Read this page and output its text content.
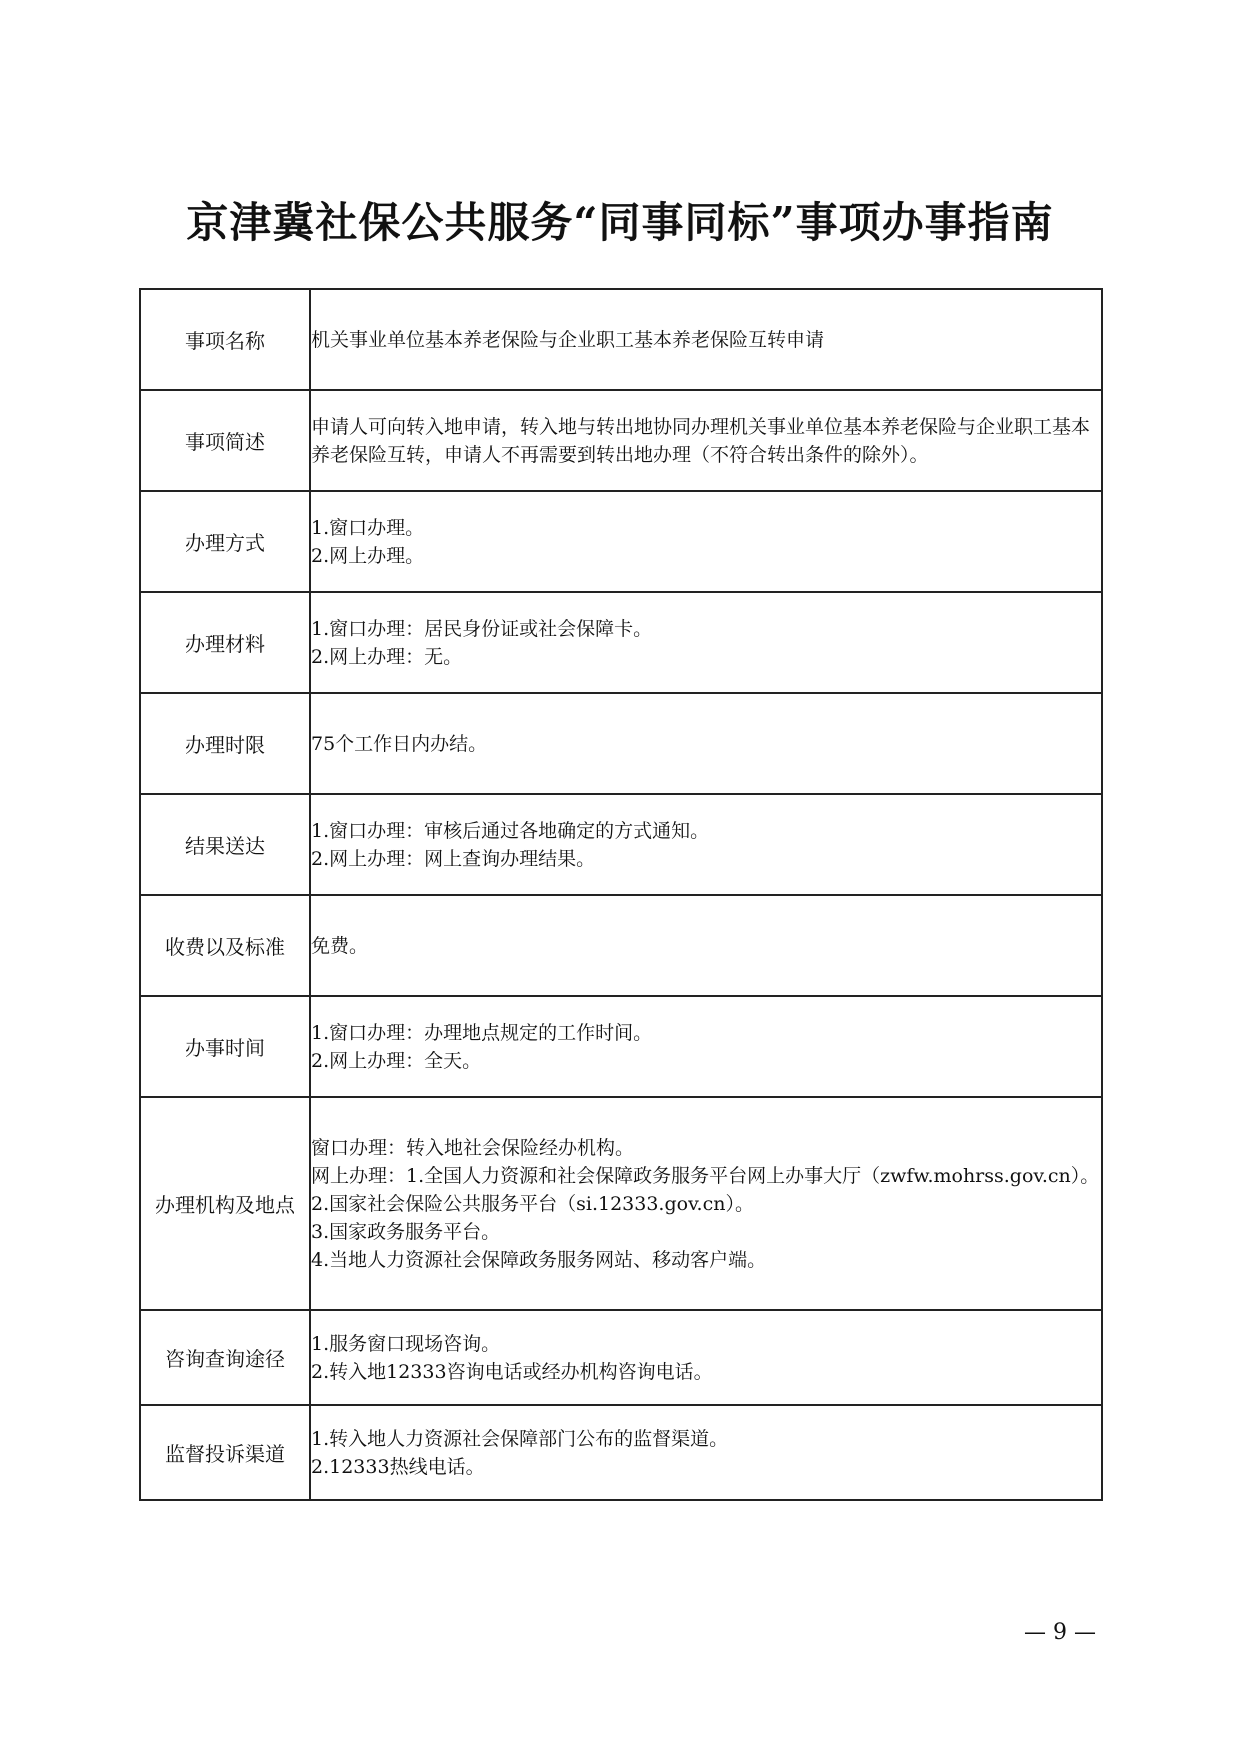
京津冀社保公共服务“同事同标”事项办事指南
事项名称	机关事业单位基本养老保险与企业职工基本养老保险互转申请

事项简述	申请人可向转入地申请，转入地与转出地协同办理机关事业单位基本养老保险与企业职工基本养老保险互转，申请人不再需要到转出地办理（不符合转出条件的除外）。

办理方式	1.窗口办理。
2.网上办理。

办理材料	1.窗口办理：居民身份证或社会保障卡。
2.网上办理：无。

办理时限	75个工作日内办结。

结果送达	1.窗口办理：审核后通过各地确定的方式通知。
2.网上办理：网上查询办理结果。

收费以及标准	免费。

办事时间	1.窗口办理：办理地点规定的工作时间。
2.网上办理：全天。

办理机构及地点	窗口办理：转入地社会保险经办机构。
网上办理：1.全国人力资源和社会保障政务服务平台网上办事大厅（zwfw.mohrss.gov.cn）。
2.国家社会保险公共服务平台（si.12333.gov.cn）。
3.国家政务服务平台。
4.当地人力资源社会保障政务服务网站、移动客户端。

咨询查询途径	1.服务窗口现场咨询。
2.转入地12333咨询电话或经办机构咨询电话。

监督投诉渠道	1.转入地人力资源社会保障部门公布的监督渠道。
2.12333热线电话。
— 9 —
